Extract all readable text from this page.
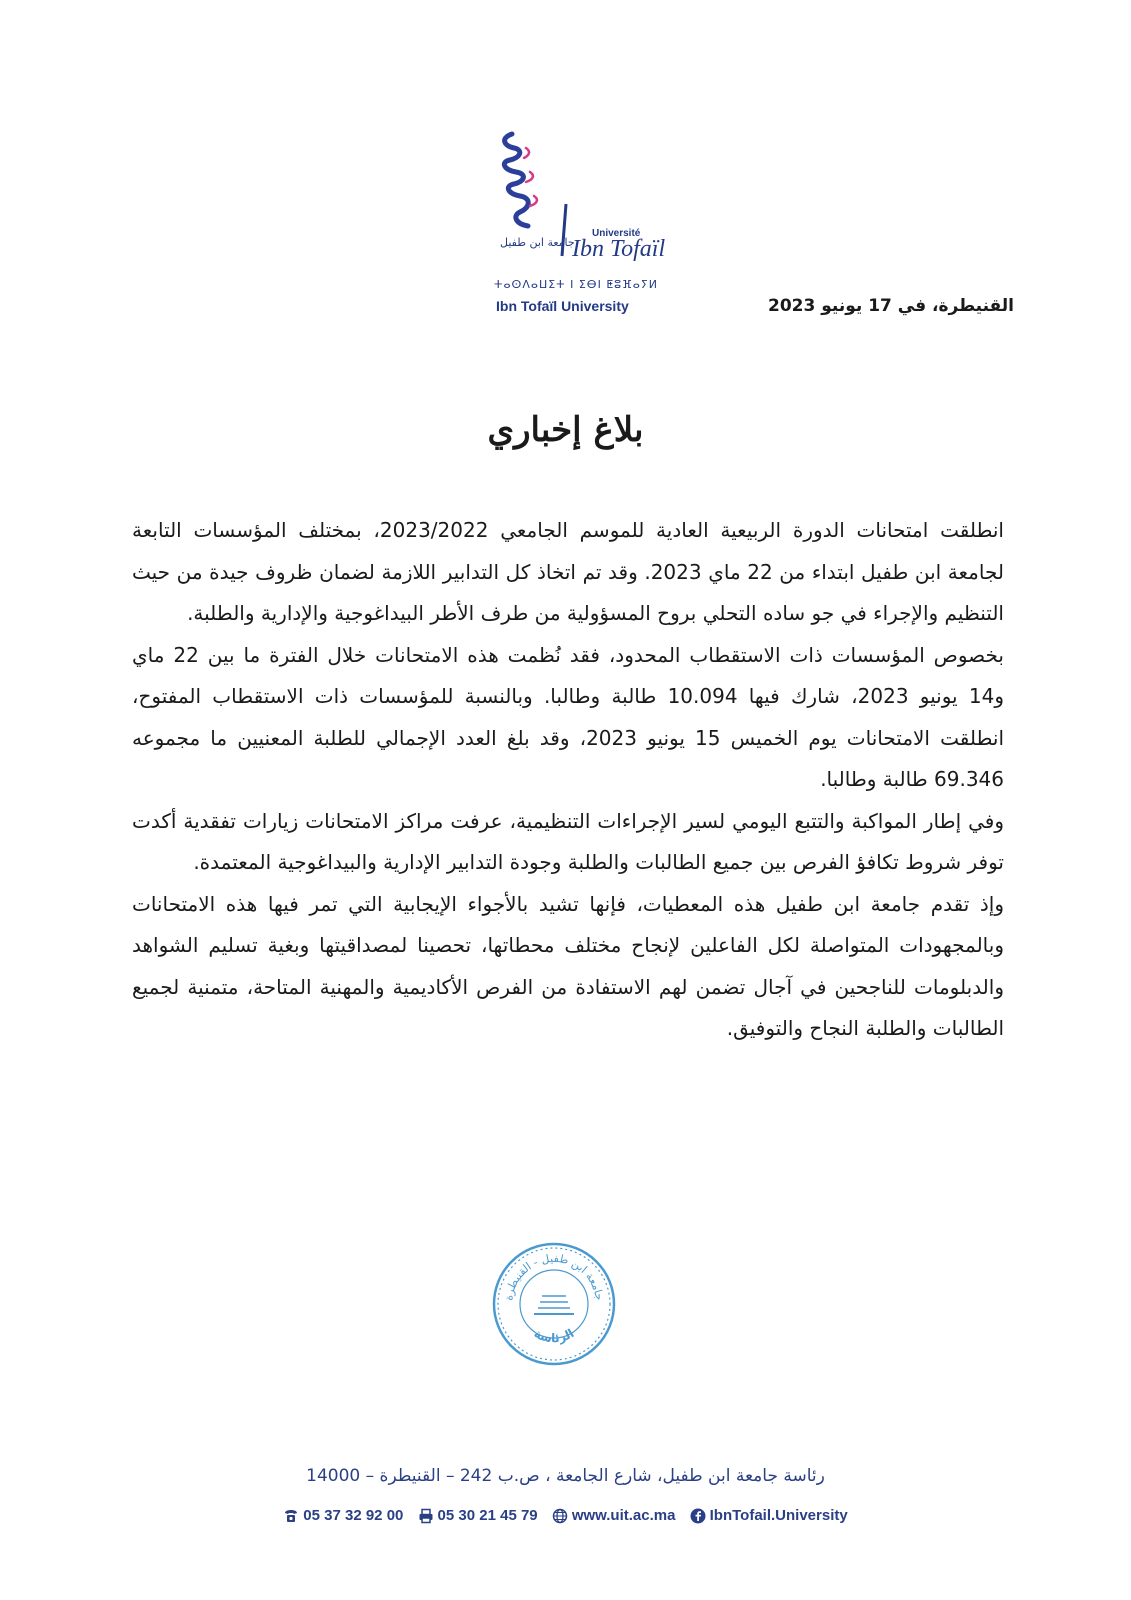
Université
Ibn Tofaïl
جامعة ابن طفيل
ⵜⴰⵙⴷⴰⵡⵉⵜ ⵏ ⵉⴱⵏ ⵟⵓⴼⴰⵢⵍ
Ibn Tofaïl University	القنيطرة، في 17 يونيو 2023
بلاغ إخباري

انطلقت امتحانات الدورة الربيعية العادية للموسم الجامعي 2023/2022، بمختلف المؤسسات التابعة لجامعة ابن طفيل ابتداء من 22 ماي 2023. وقد تم اتخاذ كل التدابير اللازمة لضمان ظروف جيدة من حيث التنظيم والإجراء في جو ساده التحلي بروح المسؤولية من طرف الأطر البيداغوجية والإدارية والطلبة.

بخصوص المؤسسات ذات الاستقطاب المحدود، فقد نُظمت هذه الامتحانات خلال الفترة ما بين 22 ماي و14 يونيو 2023، شارك فيها 10.094 طالبة وطالبا. وبالنسبة للمؤسسات ذات الاستقطاب المفتوح، انطلقت الامتحانات يوم الخميس 15 يونيو 2023، وقد بلغ العدد الإجمالي للطلبة المعنيين ما مجموعه 69.346 طالبة وطالبا.

وفي إطار المواكبة والتتبع اليومي لسير الإجراءات التنظيمية، عرفت مراكز الامتحانات زيارات تفقدية أكدت توفر شروط تكافؤ الفرص بين جميع الطالبات والطلبة وجودة التدابير الإدارية والبيداغوجية المعتمدة.

وإذ تقدم جامعة ابن طفيل هذه المعطيات، فإنها تشيد بالأجواء الإيجابية التي تمر فيها هذه الامتحانات وبالمجهودات المتواصلة لكل الفاعلين لإنجاح مختلف محطاتها، تحصينا لمصداقيتها وبغية تسليم الشواهد والدبلومات للناجحين في آجال تضمن لهم الاستفادة من الفرص الأكاديمية والمهنية المتاحة، متمنية لجميع الطالبات والطلبة النجاح والتوفيق.

جامعة ابن طفيل - القنيطرة
الرئاسة
رئاسة جامعة ابن طفيل، شارع الجامعة ، ص.ب 242 – القنيطرة – 14000
05 37 32 92 00 05 30 21 45 79 www.uit.ac.ma IbnTofail.University
